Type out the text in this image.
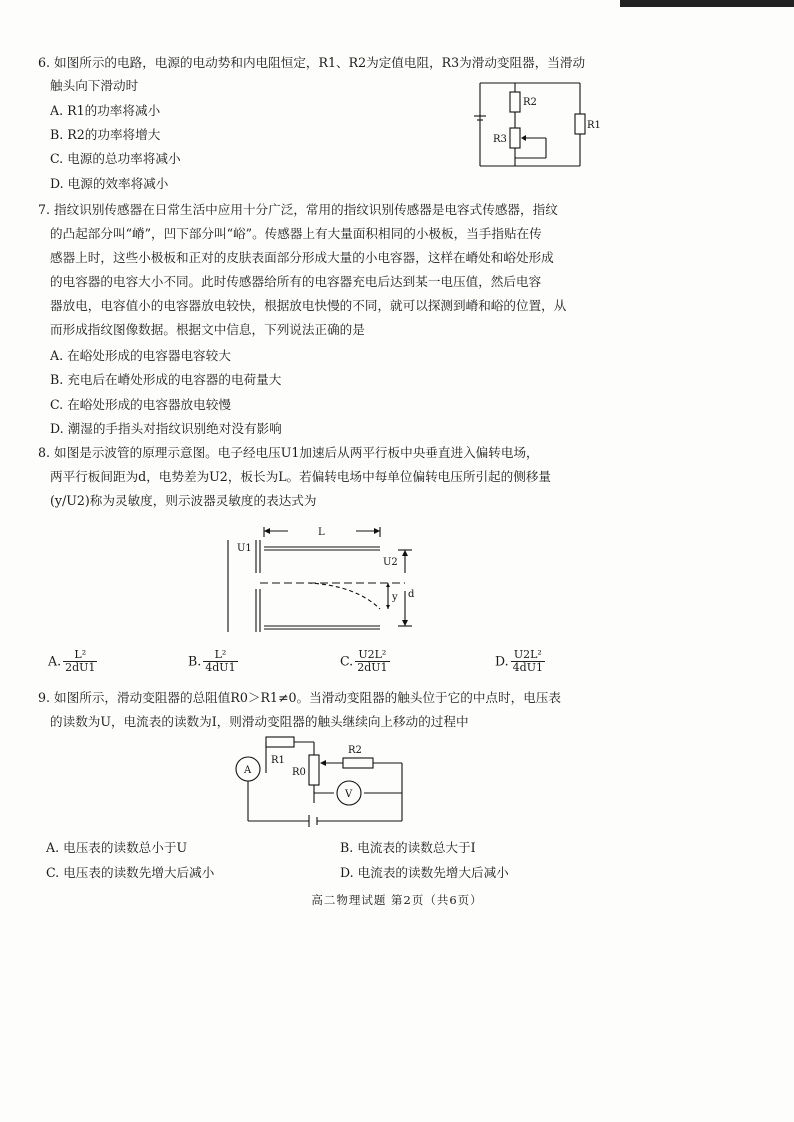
6. 如图所示的电路，电源的电动势和内电阻恒定，R1、R2为定值电阻，R3为滑动变阻器，当滑动
触头向下滑动时
A. R1的功率将减小
B. R2的功率将增大
C. 电源的总功率将减小
D. 电源的效率将减小
R2
R3
R1
7. 指纹识别传感器在日常生活中应用十分广泛，常用的指纹识别传感器是电容式传感器，指纹
的凸起部分叫“嵴”，凹下部分叫“峪”。传感器上有大量面积相同的小极板，当手指贴在传
感器上时，这些小极板和正对的皮肤表面部分形成大量的小电容器，这样在嵴处和峪处形成
的电容器的电容大小不同。此时传感器给所有的电容器充电后达到某一电压值，然后电容
器放电，电容值小的电容器放电较快，根据放电快慢的不同，就可以探测到嵴和峪的位置，从
而形成指纹图像数据。根据文中信息，下列说法正确的是
A. 在峪处形成的电容器电容较大
B. 充电后在嵴处形成的电容器的电荷量大
C. 在峪处形成的电容器放电较慢
D. 潮湿的手指头对指纹识别绝对没有影响
8. 如图是示波管的原理示意图。电子经电压U1加速后从两平行板中央垂直进入偏转电场，
两平行板间距为d，电势差为U2，板长为L。若偏转电场中每单位偏转电压所引起的侧移量
(y/U2)称为灵敏度，则示波器灵敏度的表达式为
U1
L
U2
d
y
A. $\frac{\text{L²}}{2dU1}$	B. $\frac{\text{L²}}{4dU1}$	C. $\frac{\text{U2L²}}{2dU1}$	D. $\frac{\text{U2L²}}{4dU1}$
9. 如图所示，滑动变阻器的总阻值R0＞R1≠0。当滑动变阻器的触头位于它的中点时，电压表
的读数为U，电流表的读数为I，则滑动变阻器的触头继续向上移动的过程中
A
V
R1
R0
R2
A. 电压表的读数总小于U	B. 电流表的读数总大于I
C. 电压表的读数先增大后减小	D. 电流表的读数先增大后减小
高二物理试题 第2页（共6页）
